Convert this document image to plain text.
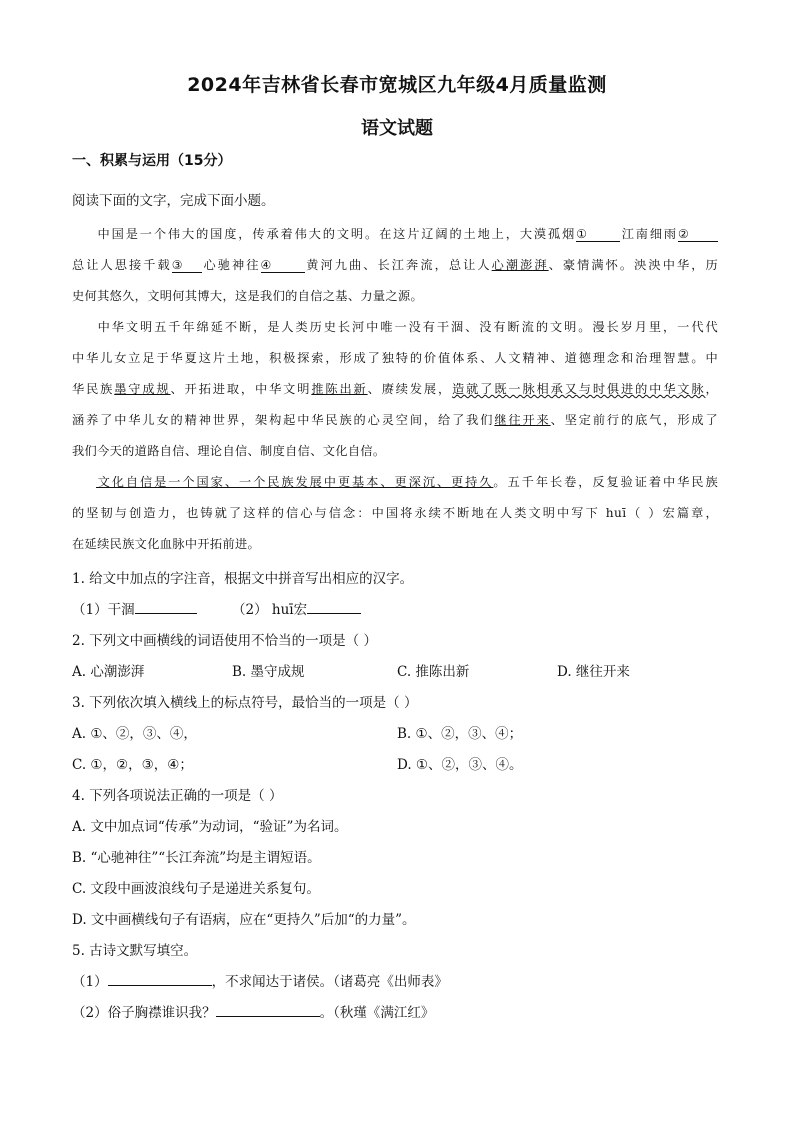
2024年吉林省长春市宽城区九年级4月质量监测
语文试题
一、积累与运用（15分）
阅读下面的文字，完成下面小题。
中国是一个伟大的国度，传承着伟大的文明。在这片辽阔的土地上，大漠孤烟①	江南细雨②
总让人思接千载③ 心驰神往④	黄河九曲、长江奔流，总让人心潮澎湃、豪情满怀。泱泱中华，历
史何其悠久，文明何其博大，这是我们的自信之基、力量之源。
中华文明五千年绵延不断，是人类历史长河中唯一没有干涸、没有断流的文明。漫长岁月里，一代代
中华儿女立足于华夏这片土地，积极探索，形成了独特的价值体系、人文精神、道德理念和治理智慧。中
华民族墨守成规、开拓进取，中华文明推陈出新、赓续发展，造就了既一脉相承又与时俱进的中华文脉，
涵养了中华儿女的精神世界，架构起中华民族的心灵空间，给了我们继往开来、坚定前行的底气，形成了
我们今天的道路自信、理论自信、制度自信、文化自信。
文化自信是一个国家、一个民族发展中更基本、更深沉、更持久。五千年长卷，反复验证着中华民族
的坚韧与创造力，也铸就了这样的信心与信念：中国将永续不断地在人类文明中写下 huī（ ）宏篇章，
在延续民族文化血脉中开拓前进。
1. 给文中加点的字注音，根据文中拼音写出相应的汉字。
（1）干涸	（2） huī宏
2. 下列文中画横线的词语使用不恰当的一项是（ ）
A. 心潮澎湃	B. 墨守成规	C. 推陈出新	D. 继往开来
3. 下列依次填入横线上的标点符号，最恰当的一项是（ ）
A. ①、②，③、④，	B. ①、②，③、④；
C. ①，②，③，④；	D. ①、②，③、④。
4. 下列各项说法正确的一项是（ ）
A. 文中加点词“传承”为动词，“验证”为名词。
B. “心驰神往”“长江奔流”均是主谓短语。
C. 文段中画波浪线句子是递进关系复句。
D. 文中画横线句子有语病，应在“更持久”后加“的力量”。
5. 古诗文默写填空。
（1）	，不求闻达于诸侯。（诸葛亮《出师表》
（2）俗子胸襟谁识我？	。（秋瑾《满江红》
